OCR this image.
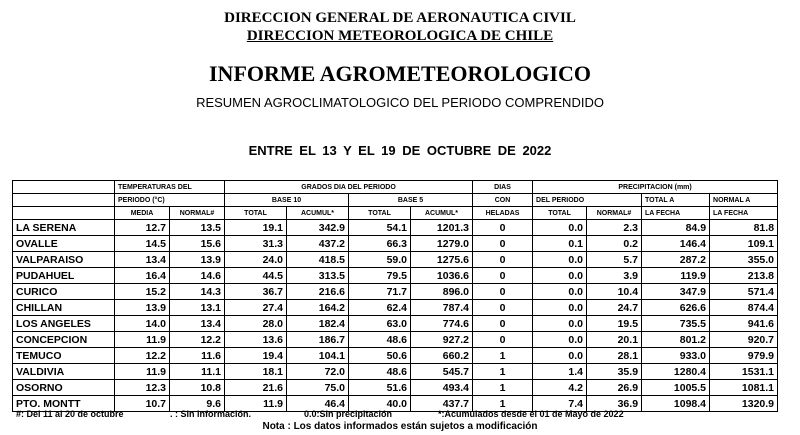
DIRECCION GENERAL DE AERONAUTICA CIVIL
DIRECCION METEOROLOGICA DE CHILE
INFORME AGROMETEOROLOGICO
RESUMEN AGROCLIMATOLOGICO DEL PERIODO COMPRENDIDO
ENTRE EL 13 Y EL 19 DE OCTUBRE DE 2022
	TEMPERATURAS DEL		GRADOS DIA DEL PERIODO				DIAS	PRECIPITACION (mm)			
	PERIODO (°C)		BASE 10		BASE 5		CON	DEL PERIODO		TOTAL A	NORMAL A
	MEDIA	NORMAL#	TOTAL	ACUMUL*	TOTAL	ACUMUL*	HELADAS	TOTAL	NORMAL#	LA FECHA	LA FECHA
LA SERENA	12.7	13.5	19.1	342.9	54.1	1201.3	0	0.0	2.3	84.9	81.8
OVALLE	14.5	15.6	31.3	437.2	66.3	1279.0	0	0.1	0.2	146.4	109.1
VALPARAISO	13.4	13.9	24.0	418.5	59.0	1275.6	0	0.0	5.7	287.2	355.0
PUDAHUEL	16.4	14.6	44.5	313.5	79.5	1036.6	0	0.0	3.9	119.9	213.8
CURICO	15.2	14.3	36.7	216.6	71.7	896.0	0	0.0	10.4	347.9	571.4
CHILLAN	13.9	13.1	27.4	164.2	62.4	787.4	0	0.0	24.7	626.6	874.4
LOS ANGELES	14.0	13.4	28.0	182.4	63.0	774.6	0	0.0	19.5	735.5	941.6
CONCEPCION	11.9	12.2	13.6	186.7	48.6	927.2	0	0.0	20.1	801.2	920.7
TEMUCO	12.2	11.6	19.4	104.1	50.6	660.2	1	0.0	28.1	933.0	979.9
VALDIVIA	11.9	11.1	18.1	72.0	48.6	545.7	1	1.4	35.9	1280.4	1531.1
OSORNO	12.3	10.8	21.6	75.0	51.6	493.4	1	4.2	26.9	1005.5	1081.1
PTO. MONTT	10.7	9.6	11.9	46.4	40.0	437.7	1	7.4	36.9	1098.4	1320.9
#: Del 11 al 20 de octubre	. : Sin información.	0.0:Sin precipitación	*:Acumulados desde el 01 de Mayo de 2022
Nota : Los datos informados están sujetos a modificación
